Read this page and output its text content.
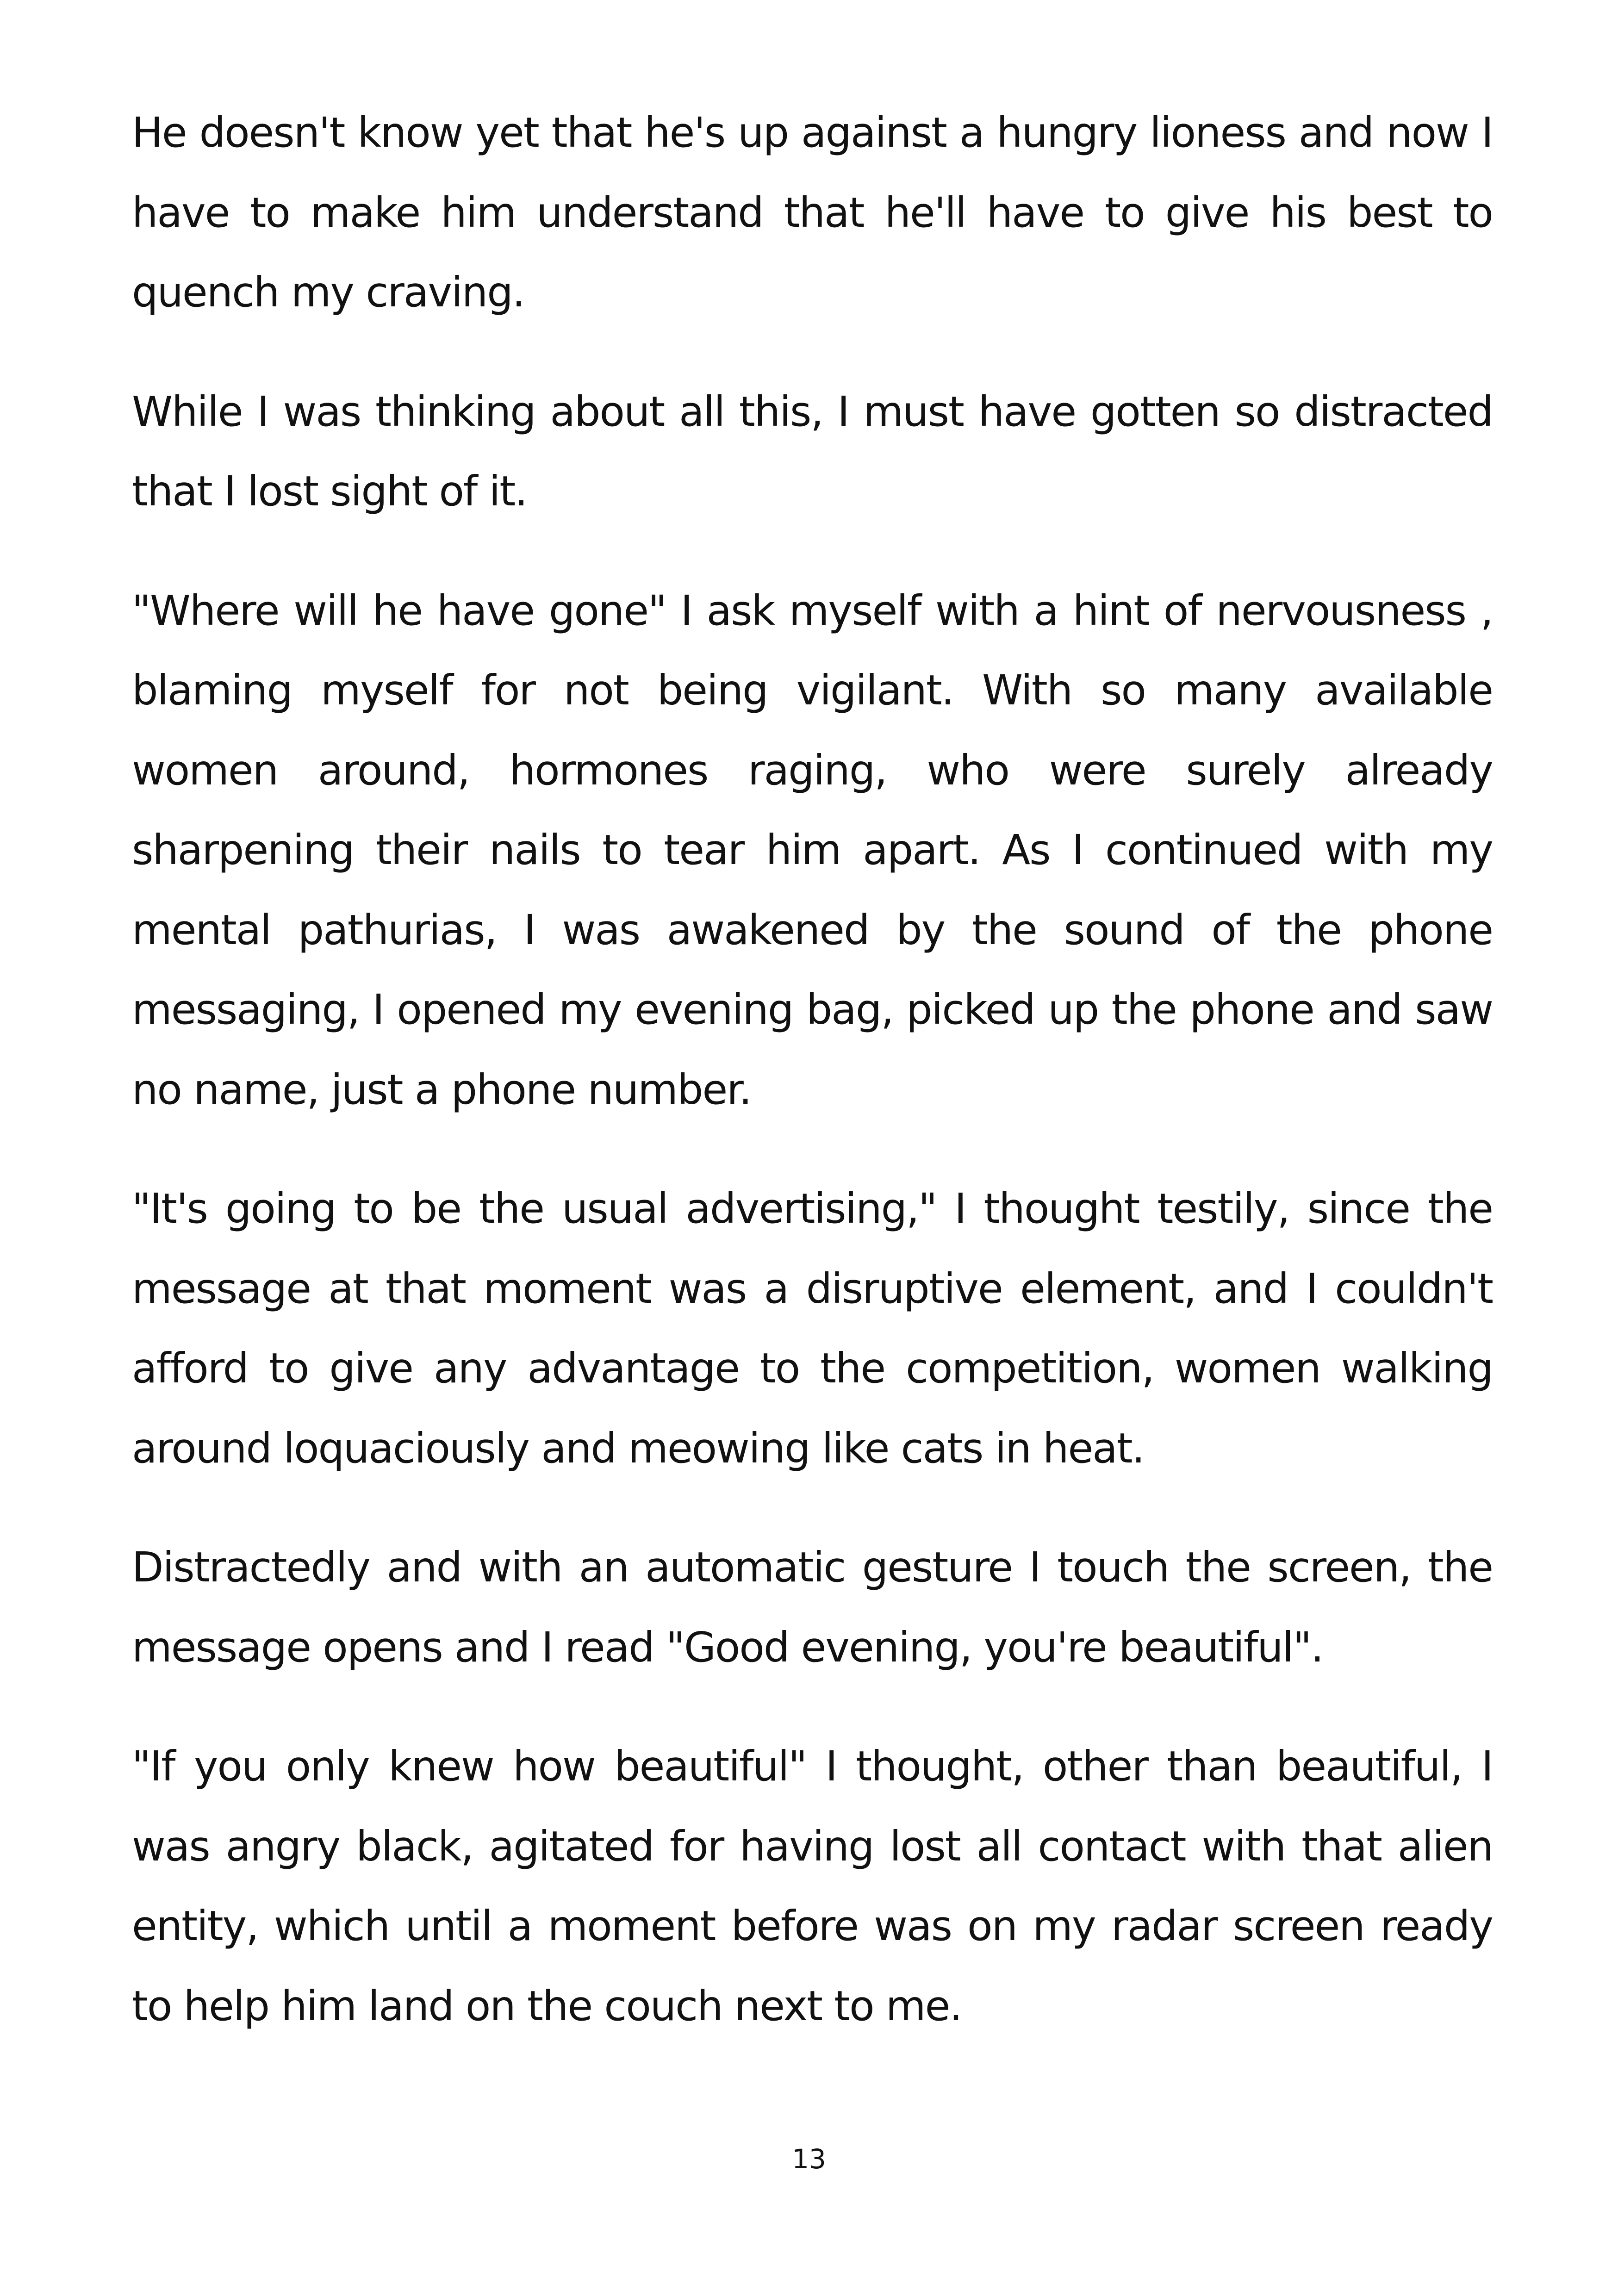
He doesn't know yet that he's up against a hungry lioness and now I have to make him understand that he'll have to give his best to quench my craving.

While I was thinking about all this, I must have gotten so distracted that I lost sight of it.

"Where will he have gone" I ask myself with a hint of nervousness , blaming myself for not being vigilant. With so many available women around, hormones raging, who were surely already sharpening their nails to tear him apart. As I continued with my mental pathurias, I was awakened by the sound of the phone messaging, I opened my evening bag, picked up the phone and saw no name, just a phone number.

"It's going to be the usual advertising," I thought testily, since the message at that moment was a disruptive element, and I couldn't afford to give any advantage to the competition, women walking around loquaciously and meowing like cats in heat.

Distractedly and with an automatic gesture I touch the screen, the message opens and I read "Good evening, you're beautiful".

"If you only knew how beautiful" I thought, other than beautiful, I was angry black, agitated for having lost all contact with that alien entity, which until a moment before was on my radar screen ready to help him land on the couch next to me.

13
